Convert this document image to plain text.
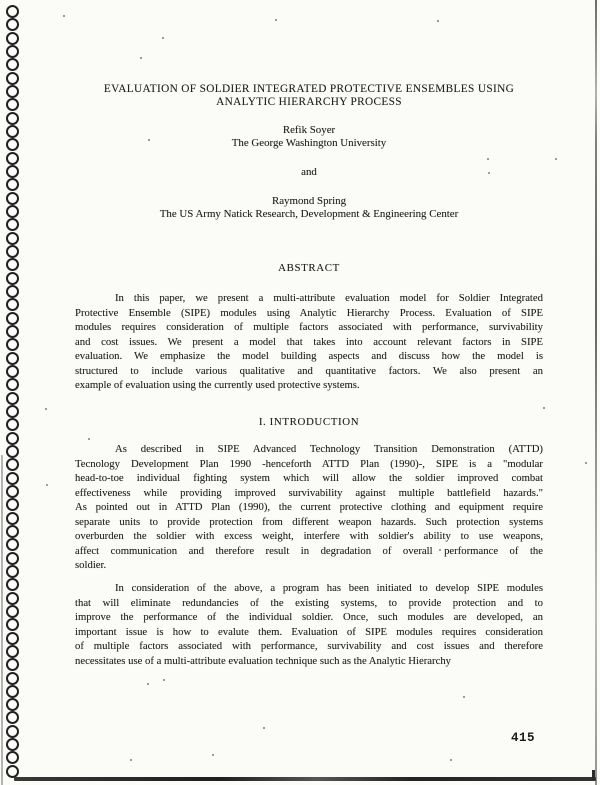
EVALUATION OF SOLDIER INTEGRATED PROTECTIVE ENSEMBLES USING
ANALYTIC HIERARCHY PROCESS
Refik Soyer
The George Washington University
and
Raymond Spring
The US Army Natick Research, Development & Engineering Center
ABSTRACT
In this paper, we present a multi-attribute evaluation model for Soldier Integrated
Protective Ensemble (SIPE) modules using Analytic Hierarchy Process. Evaluation of SIPE
modules requires consideration of multiple factors associated with performance, survivability
and cost issues. We present a model that takes into account relevant factors in SIPE
evaluation. We emphasize the model building aspects and discuss how the model is
structured to include various qualitative and quantitative factors. We also present an
example of evaluation using the currently used protective systems.
I. INTRODUCTION
As described in SIPE Advanced Technology Transition Demonstration (ATTD)
Tecnology Development Plan 1990 -henceforth ATTD Plan (1990)-, SIPE is a "modular
head-to-toe individual fighting system which will allow the soldier improved combat
effectiveness while providing improved survivability against multiple battlefield hazards."
As pointed out in ATTD Plan (1990), the current protective clothing and equipment require
separate units to provide protection from different weapon hazards. Such protection systems
overburden the soldier with excess weight, interfere with soldier's ability to use weapons,
affect communication and therefore result in degradation of overall performance of the
soldier.
In consideration of the above, a program has been initiated to develop SIPE modules
that will eliminate redundancies of the existing systems, to provide protection and to
improve the performance of the individual soldier. Once, such modules are developed, an
important issue is how to evalute them. Evaluation of SIPE modules requires consideration
of multiple factors associated with performance, survivability and cost issues and therefore
necessitates use of a multi-attribute evaluation technique such as the Analytic Hierarchy
415
